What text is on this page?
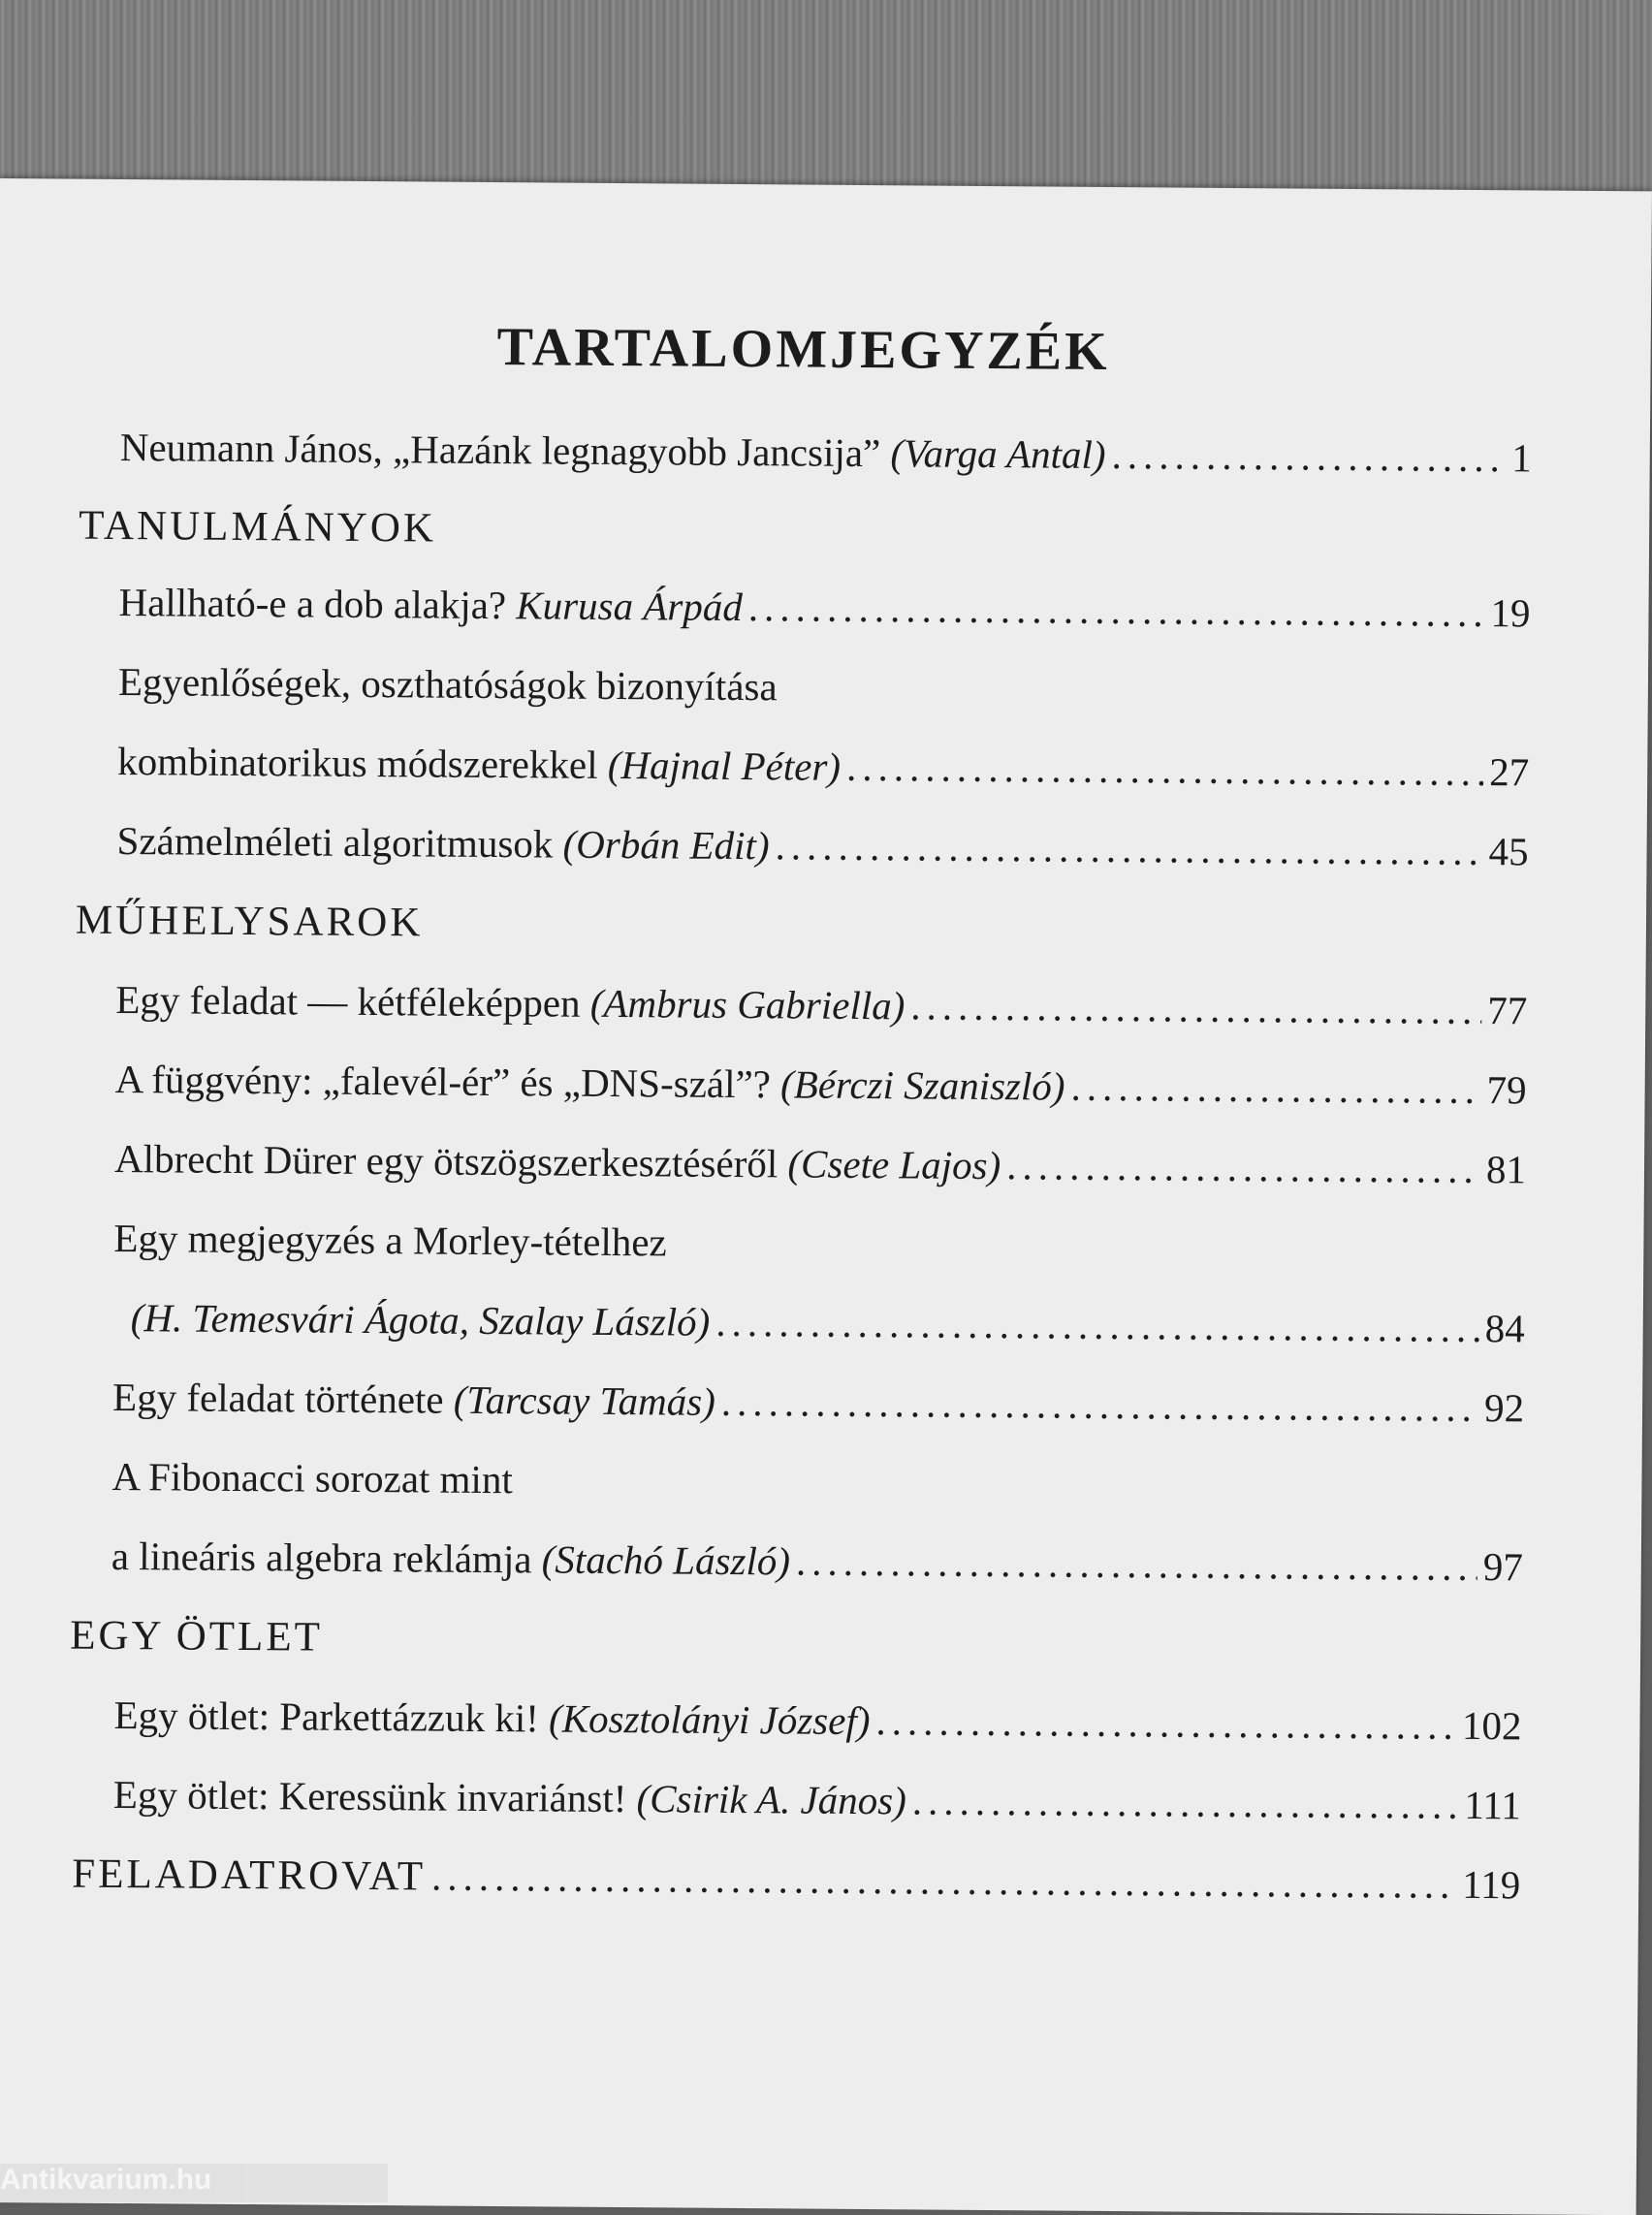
TARTALOMJEGYZÉK
Neumann János, „Hazánk legnagyobb Jancsija”
(Varga Antal) .....	1
TANULMÁNYOK
Hallható-e a dob alakja?
Kurusa Árpád .....	19
Egyenlőségek, oszthatóságok bizonyítása
kombinatorikus módszerekkel
(Hajnal Péter) .....	27
Számelméleti algoritmusok
(Orbán Edit) .....	45
MŰHELYSAROK
Egy feladat — kétféleképpen
(Ambrus Gabriella) .....	77
A függvény: „falevél-ér” és „DNS-szál”?
(Bérczi Szaniszló) .....	79
Albrecht Dürer egy ötszögszerkesztéséről
(Csete Lajos) .....	81
Egy megjegyzés a Morley-tételhez
(H. Temesvári Ágota, Szalay László) .....	84
Egy feladat története
(Tarcsay Tamás) .....	92
A Fibonacci sorozat mint
a lineáris algebra reklámja
(Stachó László) .....	97
EGY ÖTLET
Egy ötlet: Parkettázzuk ki!
(Kosztolányi József) .....	102
Egy ötlet: Keressünk invariánst!
(Csirik A. János) .....	111
FELADATROVAT .....	119
Antikvarium.hu
